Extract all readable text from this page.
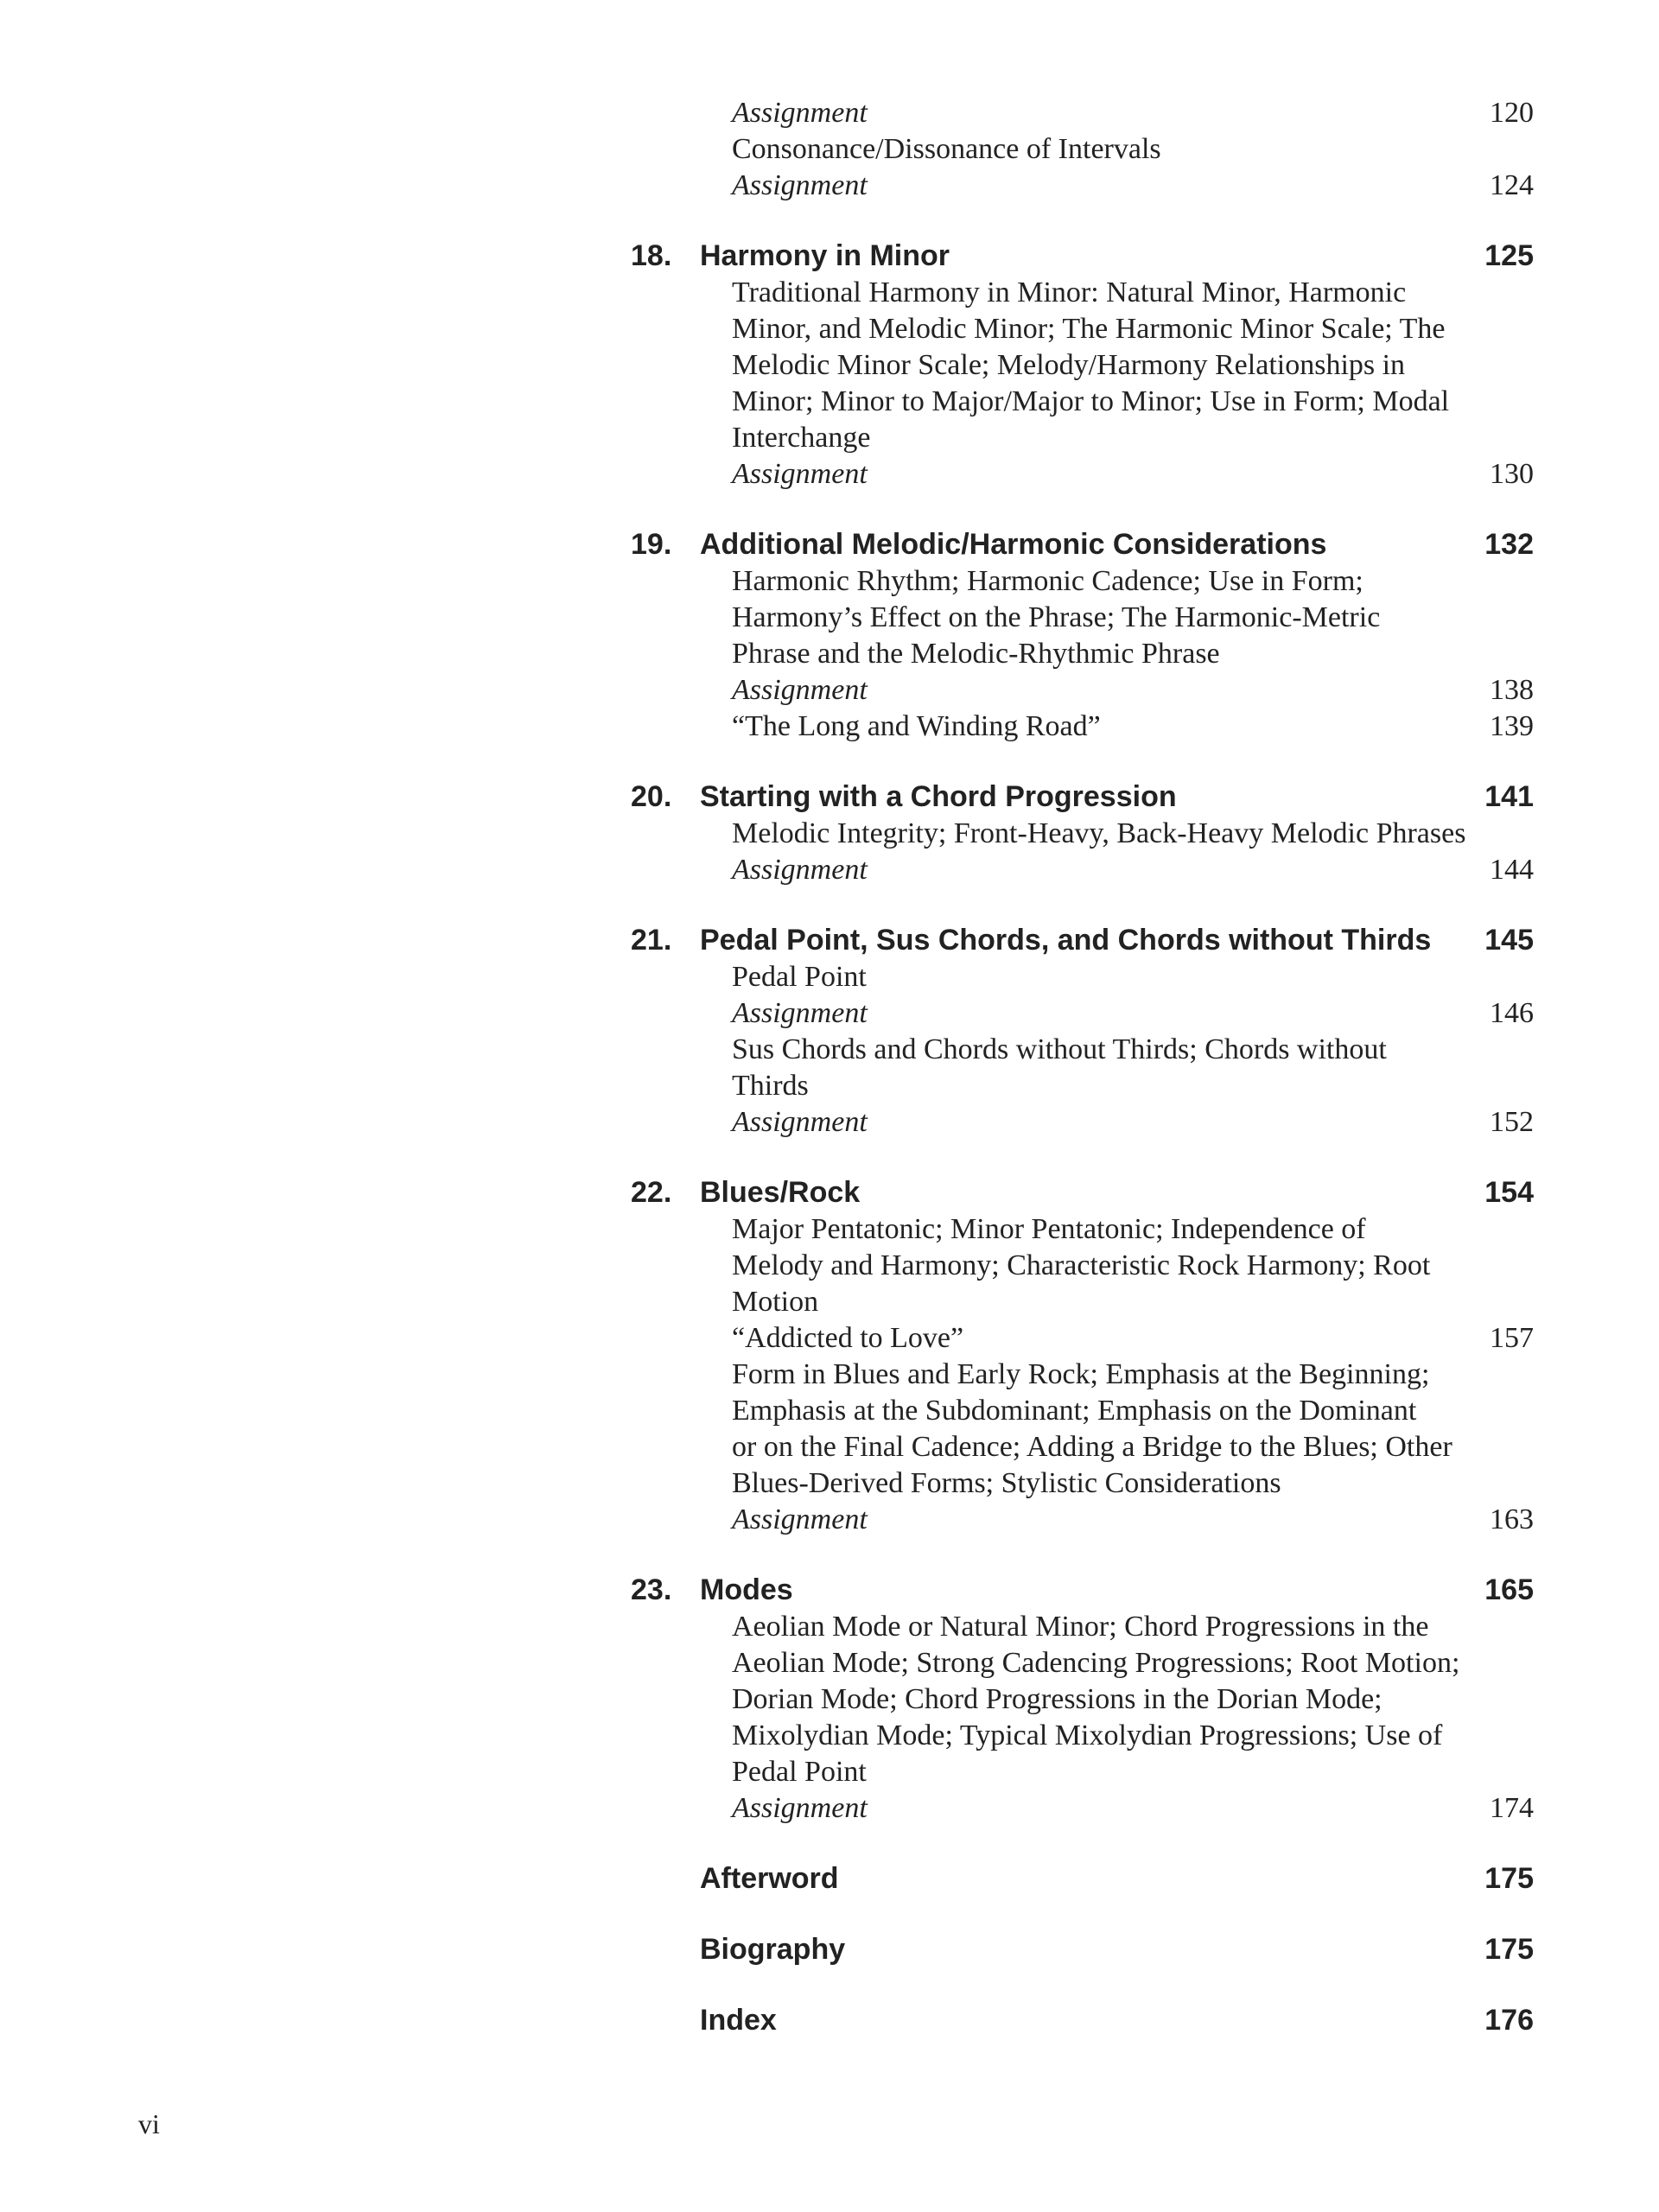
Assignment	120
Consonance/Dissonance of Intervals
Assignment	124
18. Harmony in Minor	125
Traditional Harmony in Minor: Natural Minor, Harmonic
Minor, and Melodic Minor; The Harmonic Minor Scale; The
Melodic Minor Scale; Melody/Harmony Relationships in
Minor; Minor to Major/Major to Minor; Use in Form; Modal
Interchange
Assignment	130
19. Additional Melodic/Harmonic Considerations	132
Harmonic Rhythm; Harmonic Cadence; Use in Form;
Harmony’s Effect on the Phrase; The Harmonic-Metric
Phrase and the Melodic-Rhythmic Phrase
Assignment	138
“The Long and Winding Road”	139
20. Starting with a Chord Progression	141
Melodic Integrity; Front-Heavy, Back-Heavy Melodic Phrases
Assignment	144
21. Pedal Point, Sus Chords, and Chords without Thirds 145
Pedal Point
Assignment	146
Sus Chords and Chords without Thirds; Chords without
Thirds
Assignment	152
22. Blues/Rock	154
Major Pentatonic; Minor Pentatonic; Independence of
Melody and Harmony; Characteristic Rock Harmony; Root
Motion
“Addicted to Love”	157
Form in Blues and Early Rock; Emphasis at the Beginning;
Emphasis at the Subdominant; Emphasis on the Dominant
or on the Final Cadence; Adding a Bridge to the Blues; Other
Blues-Derived Forms; Stylistic Considerations
Assignment	163
23. Modes	165
Aeolian Mode or Natural Minor; Chord Progressions in the
Aeolian Mode; Strong Cadencing Progressions; Root Motion;
Dorian Mode; Chord Progressions in the Dorian Mode;
Mixolydian Mode; Typical Mixolydian Progressions; Use of
Pedal Point
Assignment	174
Afterword	175
Biography	175
Index	176
vi
